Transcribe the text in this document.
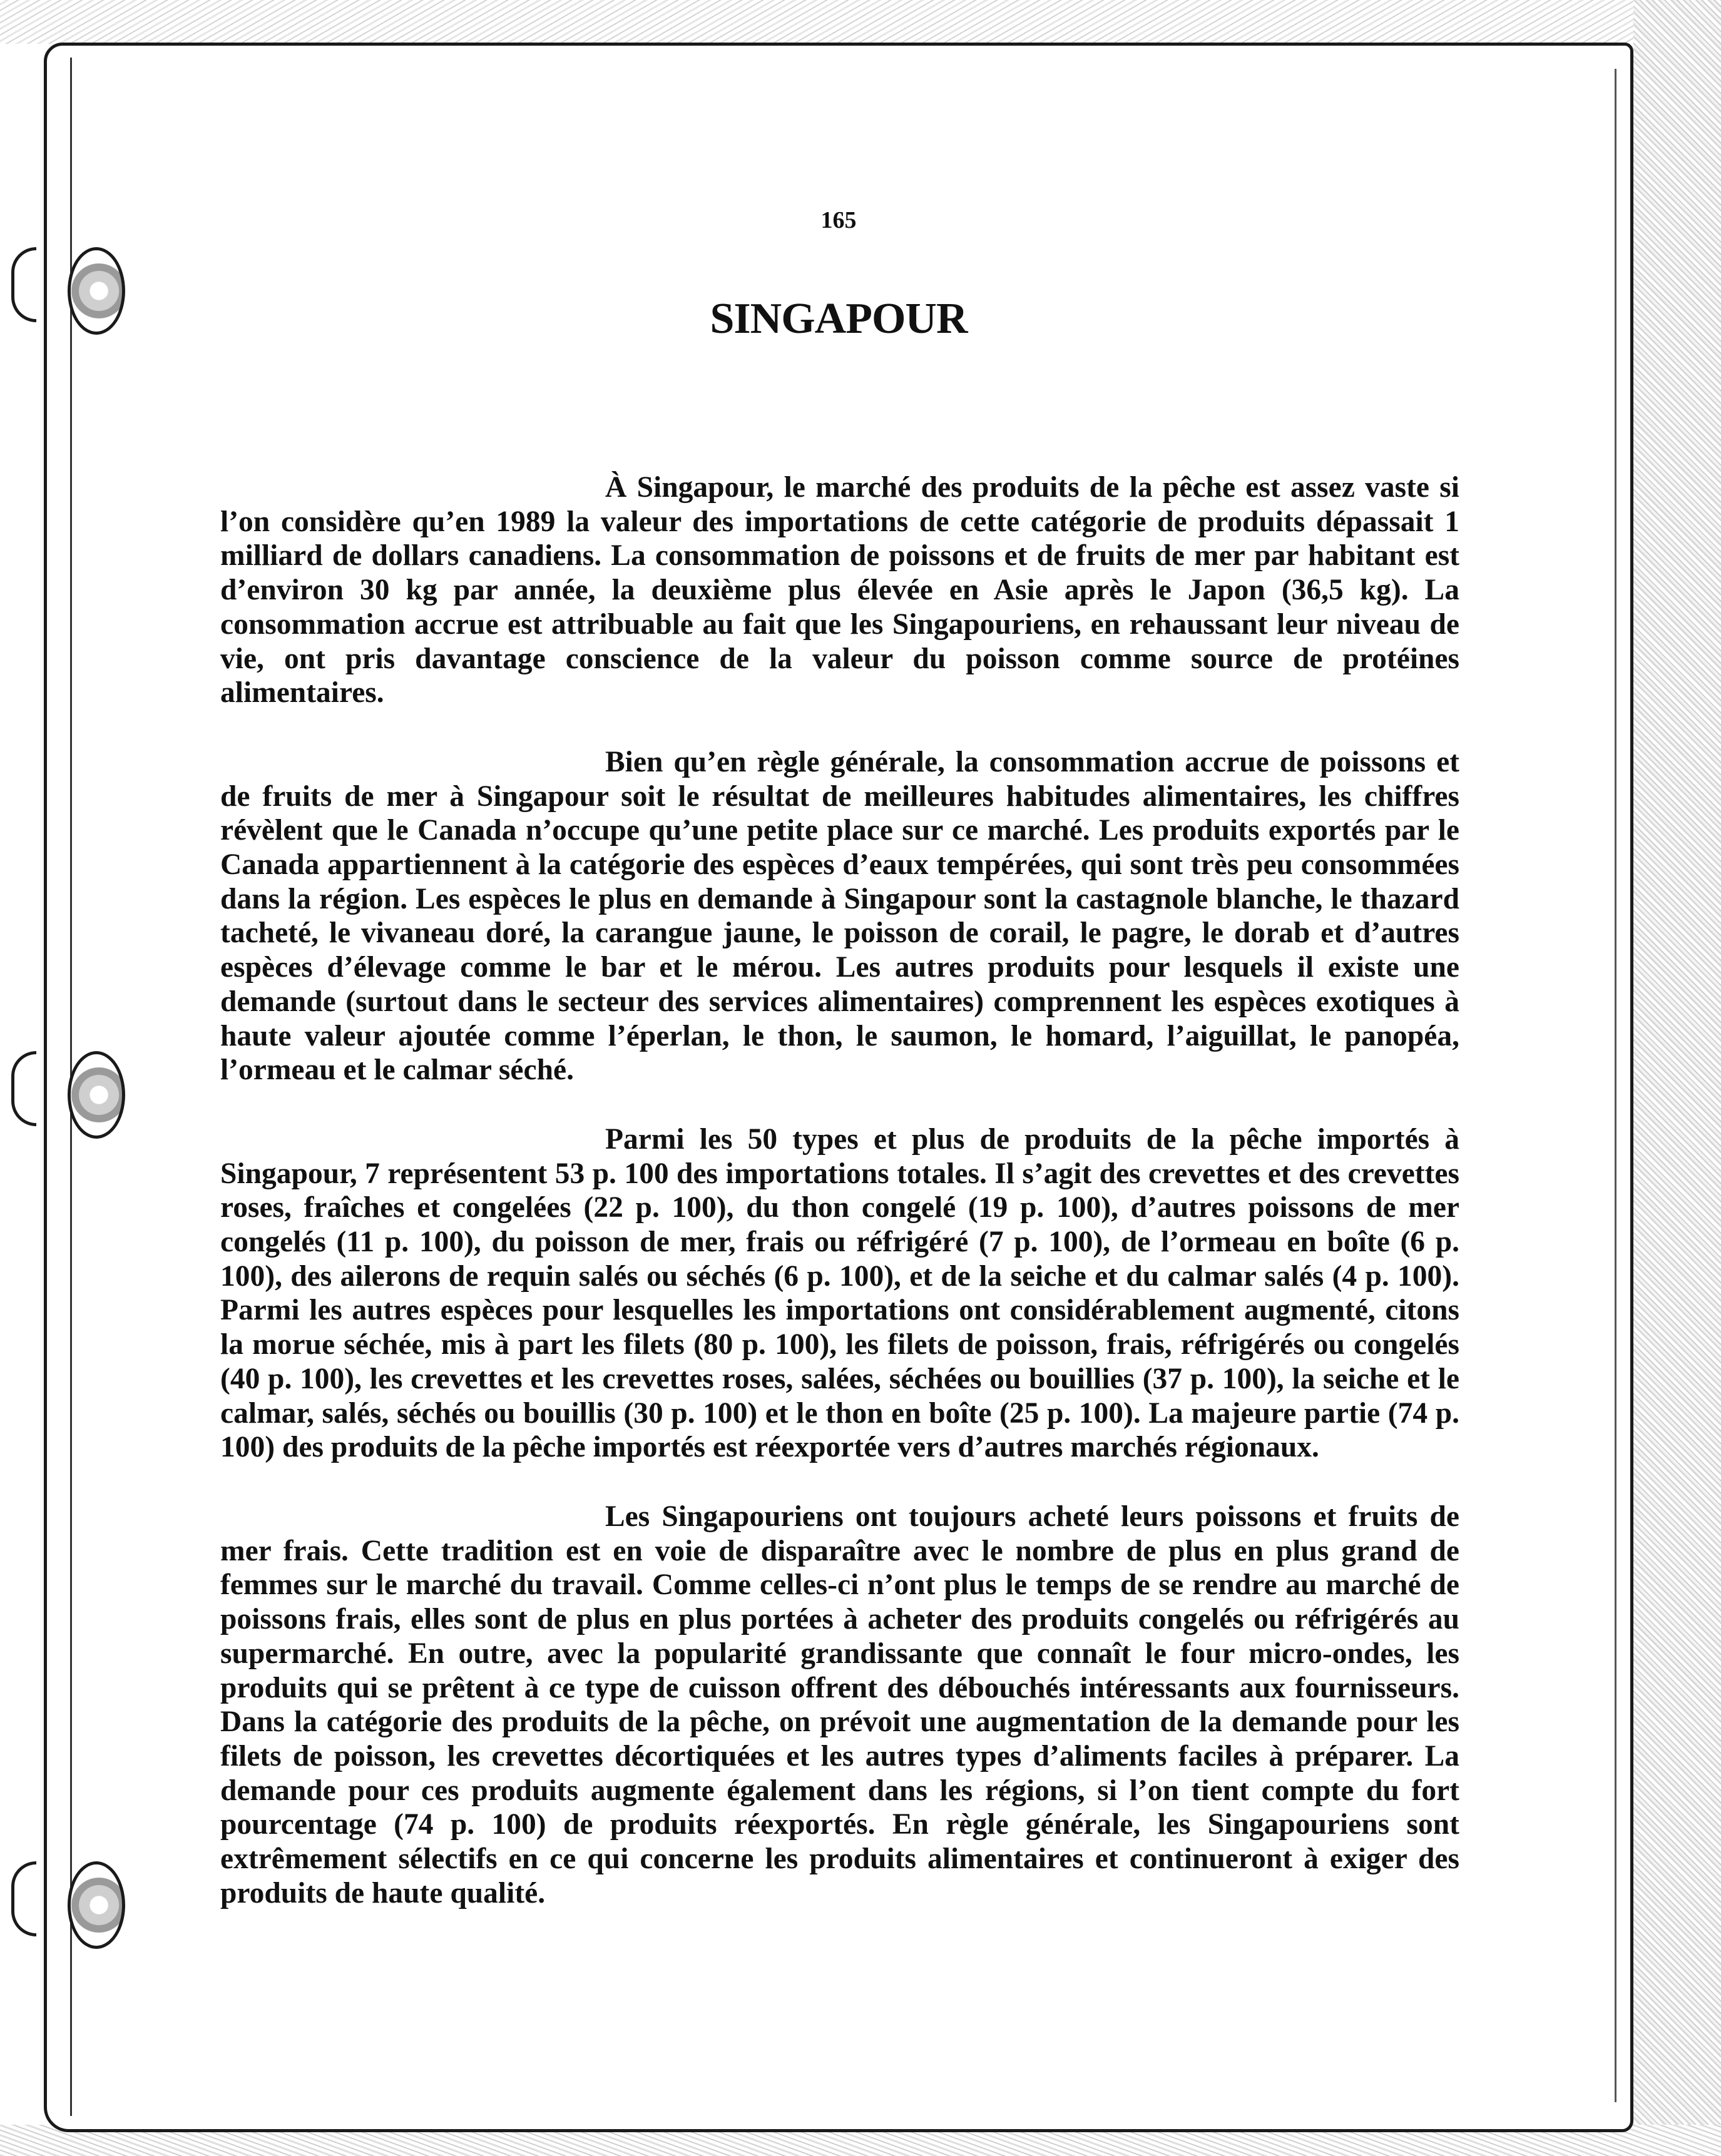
165
SINGAPOUR

À Singapour, le marché des produits de la pêche est assez vaste si l’on considère qu’en 1989 la valeur des importations de cette catégorie de produits dépassait 1 milliard de dollars canadiens. La consommation de poissons et de fruits de mer par habitant est d’environ 30 kg par année, la deuxième plus élevée en Asie après le Japon (36,5 kg). La consommation accrue est attribuable au fait que les Singapouriens, en rehaussant leur niveau de vie, ont pris davantage conscience de la valeur du poisson comme source de protéines alimentaires.

Bien qu’en règle générale, la consommation accrue de poissons et de fruits de mer à Singapour soit le résultat de meilleures habitudes alimentaires, les chiffres révèlent que le Canada n’occupe qu’une petite place sur ce marché. Les produits exportés par le Canada appartiennent à la catégorie des espèces d’eaux tempérées, qui sont très peu consommées dans la région. Les espèces le plus en demande à Singapour sont la castagnole blanche, le thazard tacheté, le vivaneau doré, la carangue jaune, le poisson de corail, le pagre, le dorab et d’autres espèces d’élevage comme le bar et le mérou. Les autres produits pour lesquels il existe une demande (surtout dans le secteur des services alimentaires) comprennent les espèces exotiques à haute valeur ajoutée comme l’éperlan, le thon, le saumon, le homard, l’aiguillat, le panopéa, l’ormeau et le calmar séché.

Parmi les 50 types et plus de produits de la pêche importés à Singapour, 7 représentent 53 p. 100 des importations totales. Il s’agit des crevettes et des crevettes roses, fraîches et congelées (22 p. 100), du thon congelé (19 p. 100), d’autres poissons de mer congelés (11 p. 100), du poisson de mer, frais ou réfrigéré (7 p. 100), de l’ormeau en boîte (6 p. 100), des ailerons de requin salés ou séchés (6 p. 100), et de la seiche et du calmar salés (4 p. 100). Parmi les autres espèces pour lesquelles les importations ont considérablement augmenté, citons la morue séchée, mis à part les filets (80 p. 100), les filets de poisson, frais, réfrigérés ou congelés (40 p. 100), les crevettes et les crevettes roses, salées, séchées ou bouillies (37 p. 100), la seiche et le calmar, salés, séchés ou bouillis (30 p. 100) et le thon en boîte (25 p. 100). La majeure partie (74 p. 100) des produits de la pêche importés est réexportée vers d’autres marchés régionaux.

Les Singapouriens ont toujours acheté leurs poissons et fruits de mer frais. Cette tradition est en voie de disparaître avec le nombre de plus en plus grand de femmes sur le marché du travail. Comme celles-ci n’ont plus le temps de se rendre au marché de poissons frais, elles sont de plus en plus portées à acheter des produits congelés ou réfrigérés au supermarché. En outre, avec la popularité grandissante que connaît le four micro-ondes, les produits qui se prêtent à ce type de cuisson offrent des débouchés intéressants aux fournisseurs. Dans la catégorie des produits de la pêche, on prévoit une augmentation de la demande pour les filets de poisson, les crevettes décortiquées et les autres types d’aliments faciles à préparer. La demande pour ces produits augmente également dans les régions, si l’on tient compte du fort pourcentage (74 p. 100) de produits réexportés. En règle générale, les Singapouriens sont extrêmement sélectifs en ce qui concerne les produits alimentaires et continueront à exiger des produits de haute qualité.
